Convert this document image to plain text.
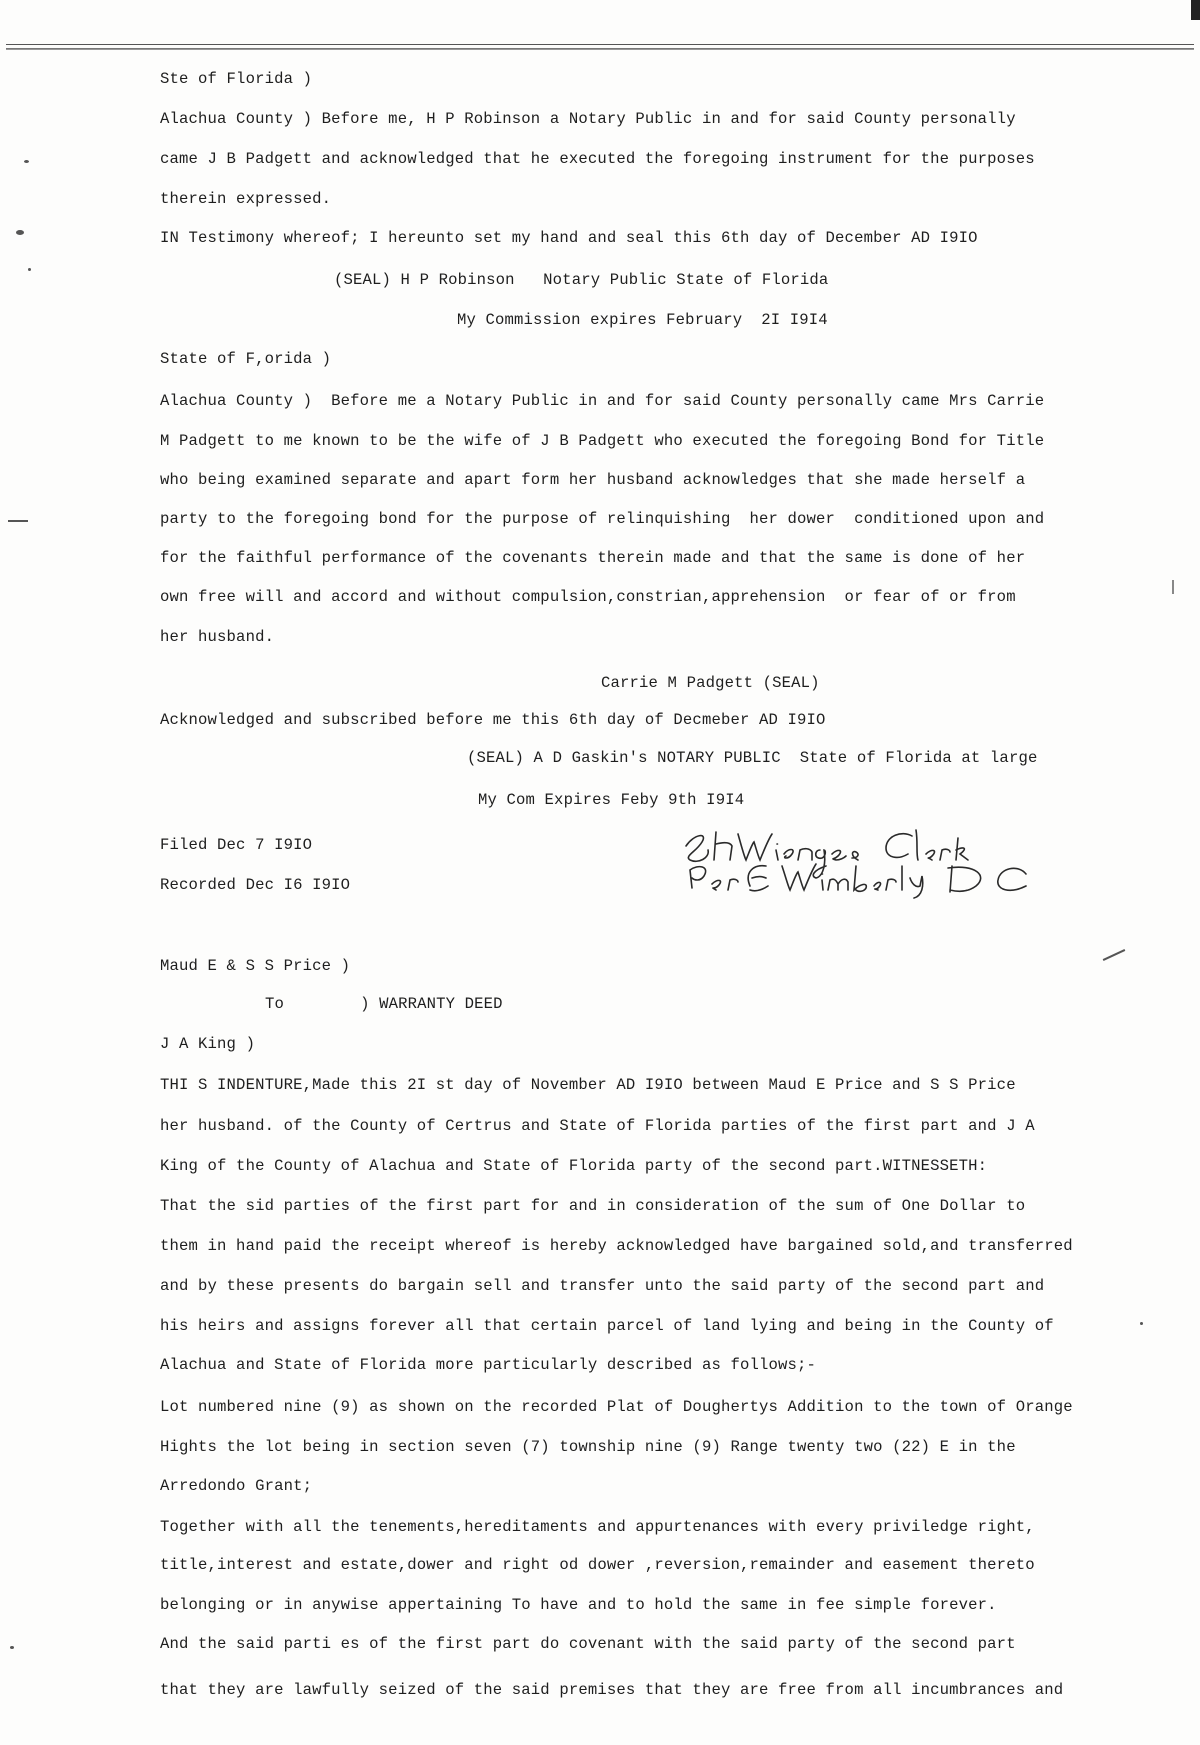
Ste of Florida )
Alachua County ) Before me, H P Robinson a Notary Public in and for said County personally
came J B Padgett and acknowledged that he executed the foregoing instrument for the purposes
therein expressed.
IN Testimony whereof; I hereunto set my hand and seal this 6th day of December AD I9IO
(SEAL) H P Robinson   Notary Public State of Florida
My Commission expires February  2I I9I4
State of F,orida )
Alachua County )  Before me a Notary Public in and for said County personally came Mrs Carrie
M Padgett to me known to be the wife of J B Padgett who executed the foregoing Bond for Title
who being examined separate and apart form her husband acknowledges that she made herself a
party to the foregoing bond for the purpose of relinquishing  her dower  conditioned upon and
for the faithful performance of the covenants therein made and that the same is done of her
own free will and accord and without compulsion,constrian,apprehension  or fear of or from
her husband.
Carrie M Padgett (SEAL)
Acknowledged and subscribed before me this 6th day of Decmeber AD I9IO
(SEAL) A D Gaskin's NOTARY PUBLIC  State of Florida at large
My Com Expires Feby 9th I9I4
Filed Dec 7 I9IO
Recorded Dec I6 I9IO
Maud E & S S Price )
To        ) WARRANTY DEED
J A King )
THI S INDENTURE,Made this 2I st day of November AD I9IO between Maud E Price and S S Price
her husband. of the County of Certrus and State of Florida parties of the first part and J A
King of the County of Alachua and State of Florida party of the second part.WITNESSETH:
That the sid parties of the first part for and in consideration of the sum of One Dollar to
them in hand paid the receipt whereof is hereby acknowledged have bargained sold,and transferred
and by these presents do bargain sell and transfer unto the said party of the second part and
his heirs and assigns forever all that certain parcel of land lying and being in the County of
Alachua and State of Florida more particularly described as follows;-
Lot numbered nine (9) as shown on the recorded Plat of Doughertys Addition to the town of Orange
Hights the lot being in section seven (7) township nine (9) Range twenty two (22) E in the
Arredondo Grant;
Together with all the tenements,hereditaments and appurtenances with every priviledge right,
title,interest and estate,dower and right od dower ,reversion,remainder and easement thereto
belonging or in anywise appertaining To have and to hold the same in fee simple forever.
And the said parti es of the first part do covenant with the said party of the second part
that they are lawfully seized of the said premises that they are free from all incumbrances and
